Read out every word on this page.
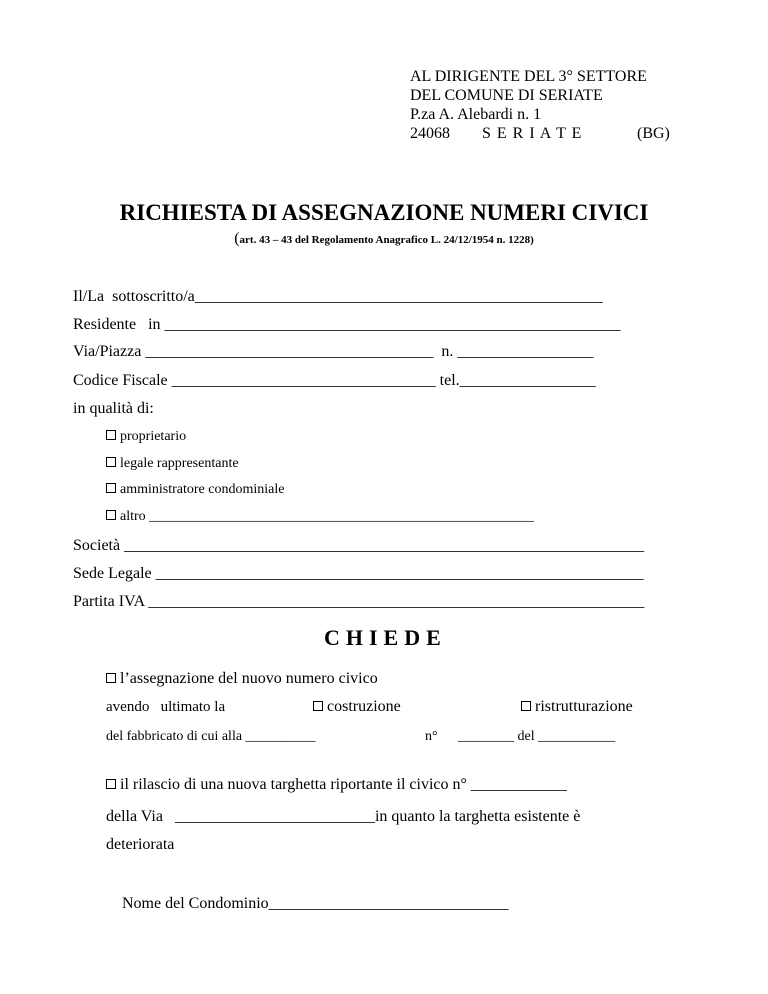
AL DIRIGENTE DEL 3° SETTORE
DEL COMUNE DI SERIATE
P.za A. Alebardi n. 1
24068 S E R I A T E	(BG)
RICHIESTA DI ASSEGNAZIONE NUMERI CIVICI
(art. 43 – 43 del Regolamento Anagrafico L. 24/12/1954 n. 1228)
Il/La  sottoscritto/a___________________________________________________
Residente   in _________________________________________________________
Via/Piazza ____________________________________  n. _________________
Codice Fiscale _________________________________ tel._________________
in qualità di:
proprietario
legale rappresentante
amministratore condominiale
altro _______________________________________________________
Società _________________________________________________________________
Sede Legale _____________________________________________________________
Partita IVA ______________________________________________________________
CHIEDE
l’assegnazione del nuovo numero civico
avendo   ultimato la	costruzione	ristrutturazione
del fabbricato di cui alla __________	n° ________ del ___________
il rilascio di una nuova targhetta riportante il civico n° ____________
della Via   _________________________in quanto la targhetta esistente è
deteriorata
Nome del Condominio______________________________
